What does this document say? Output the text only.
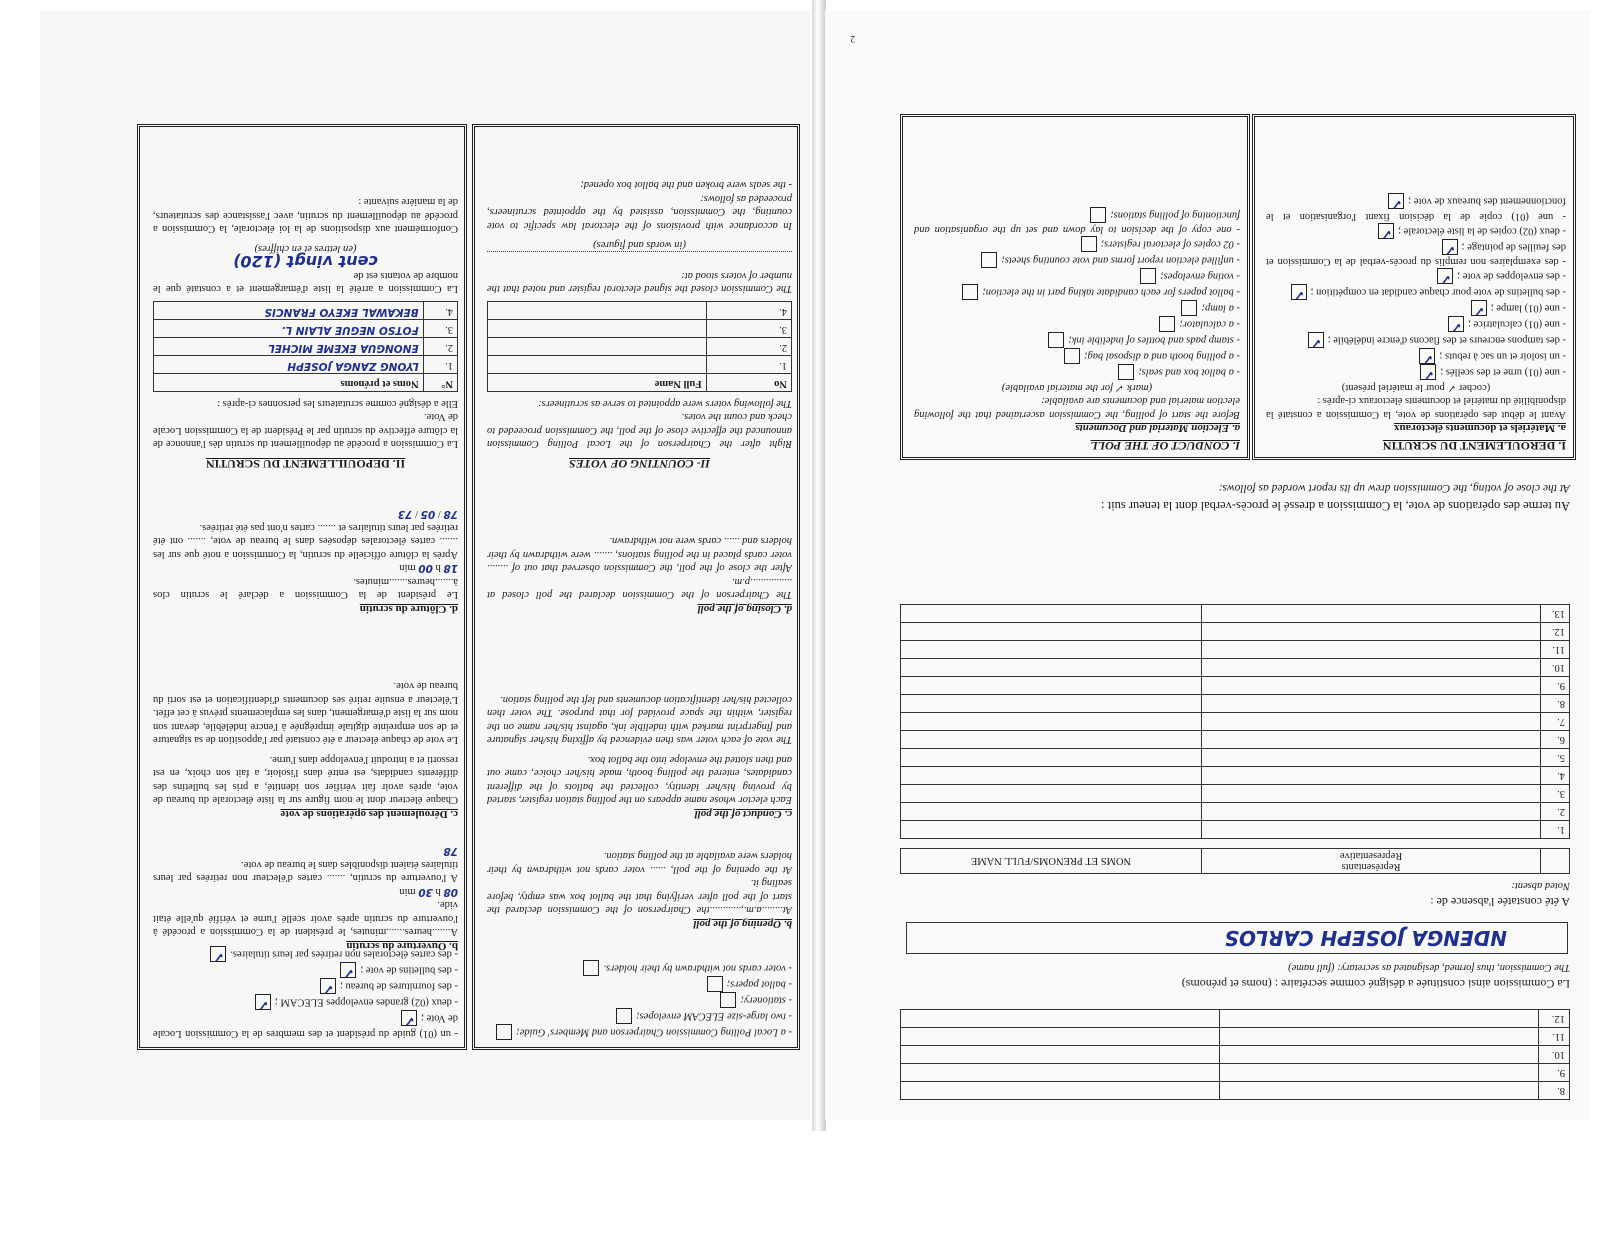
- un (01) guide du président et des membres de la Commission Locale de Vote ;✓
- deux (02) grandes enveloppes ELECAM ;✓
- des fournitures de bureau ;✓
- des bulletins de vote ;✓
- des cartes électorales non retirées par leurs titulaires.✓
b. Ouverture du scrutin
A.......heures.......minutes, le président de la Commission a procédé à l'ouverture du scrutin après avoir scellé l'urne et vérifié qu'elle était vide.
08 h 30 min
A l'ouverture du scrutin, ....... cartes d'électeur non retirées par leurs titulaires étaient disponibles dans le bureau de vote.
78
c. Déroulement des opérations de vote
Chaque électeur dont le nom figure sur la liste électorale du bureau de vote, après avoir fait vérifier son identité, a pris les bulletins des différents candidats, est entré dans l'isoloir, a fait son choix, en est ressorti et a introduit l'enveloppe dans l'urne.
Le vote de chaque électeur a été constaté par l'apposition de sa signature et de son empreinte digitale imprégnée à l'encre indélébile, devant son nom sur la liste d'émargement, dans les emplacements prévus à cet effet. L'électeur a ensuite retiré ses documents d'identification et est sorti du bureau de vote.
d. Clôture du scrutin
Le président de la Commission a déclaré le scrutin clos à.......heures.......minutes.
18 h 00 min
Après la clôture officielle du scrutin, la Commission a noté que sur les ....... cartes électorales déposées dans le bureau de vote, ....... ont été retirées par leurs titulaires et ....... cartes n'ont pas été retirées.
78 / 05 / 73
II. DEPOUILLEMENT DU SCRUTIN
La Commission a procédé au dépouillement du scrutin dès l'annonce de la clôture effective du scrutin par le Président de la Commission Locale de Vote.
Elle a désigné comme scrutateurs les personnes ci-après :
N°	Noms et prénoms
1.	LYONG ZANGA JOSEPH
2.	ENONGUA EKEME MICHEL
3.	FOTSO NEGUE ALAIN L.
4.	BEKAWAL EKEYO FRANCIS
La Commission a arrêté la liste d'émargement et a constaté que le nombre de votants est de
cent vingt (120)
(en lettres et en chiffres)
Conformément aux dispositions de la loi électorale, la Commission a procédé au dépouillement du scrutin, avec l'assistance des scrutateurs, de la manière suivante :
- a Local Polling Commission Chairperson and Members' Guide;
- two large-size ELECAM envelopes;
- stationery;
- ballot papers;
- voter cards not withdrawn by their holders.
b. Opening of the poll
At........a.m.,............the Chairperson of the Commission declared the start of the poll after verifying that the ballot box was empty, before sealing it.
At the opening of the poll, ...... voter cards not withdrawn by their holders were available at the polling station.
c. Conduct of the poll
Each elector whose name appears on the polling station register, started by proving his/her identity, collected the ballots of the different candidates, entered the polling booth, made his/her choice, came out and then slotted the envelope into the ballot box.
The vote of each voter was then evidenced by affixing his/her signature and fingerprint marked with indelible ink, against his/her name on the register, within the space provided for that purpose. The voter then collected his/her identification documents and left the polling station.
d. Closing of the poll
The Chairperson of the Commission declared the poll closed at ................p.m.
After the close of the poll, the Commission observed that out of ........ voter cards placed in the polling stations, ....... were withdrawn by their holders and ...... cards were not withdrawn.
II- COUNTING OF VOTES
Right after the Chairperson of the Local Polling Commission announced the effective close of the poll, the Commission proceeded to check and count the votes.
The following voters were appointed to serve as scrutineers:
No	Full Name
1.	
2.	
3.	
4.	
The Commission closed the signed electoral register and noted that the number of voters stood at:
(in words and figures)
In accordance with provisions of the electoral law specific to vote counting, the Commission, assisted by the appointed scrutineers, proceeded as follows:
- the seals were broken and the ballot box opened;
2
8.		
9.		
10.		
11.		
12.		
La Commission ainsi constituée a désigné comme secrétaire : (noms et prénoms)
The Commission, thus formed, designated as secretary: (full name)
NDENGA JOSEPH CARLOS
A été constatée l'absence de :
Noted absent:
	Représentants
Representative	NOMS ET PRENOMS/FULL NAME
1.		
2.		
3.		
4.		
5.		
6.		
7.		
8.		
9.		
10.		
11.		
12.		
13.		
Au terme des opérations de vote, la Commission a dressé le procès-verbal dont la teneur suit :
At the close of voting, the Commission drew up its report worded as follows:
I. DEROULEMENT DU SCRUTIN
a. Matériels et documents électoraux
Avant le début des opérations de vote, la Commission a constaté la disponibilité du matériel et documents électoraux ci-après :
(cocher ✓ pour le matériel présent)
- une (01) urne et des scellés ;✓
- un isoloir et un sac à rebuts ;✓
- des tampons encreurs et des flacons d'encre indélébile ;✓
- une (01) calculatrice ;✓
- une (01) lampe ;✓
- des bulletins de vote pour chaque candidat en compétition ;✓
- des enveloppes de vote ;✓
- des exemplaires non remplis du procès-verbal de la Commission et des feuilles de pointage ;✓
- deux (02) copies de la liste électorale ;✓
- une (01) copie de la décision fixant l'organisation et le fonctionnement des bureaux de vote ;✓
I. CONDUCT OF THE POLL
a. Election Material and Documents
Before the start of polling, the Commission ascertained that the following election material and documents are available:
(mark ✓ for the material available)
- a ballot box and seals;
- a polling booth and a disposal bag;
- stamp pads and bottles of indelible ink;
- a calculator;
- a lamp;
- ballot papers for each candidate taking part in the election;
- voting envelopes;
- unfilled election report forms and vote counting sheets;
- 02 copies of electoral registers;
- one copy of the decision to lay down and set up the organisation and functioning of polling stations;
